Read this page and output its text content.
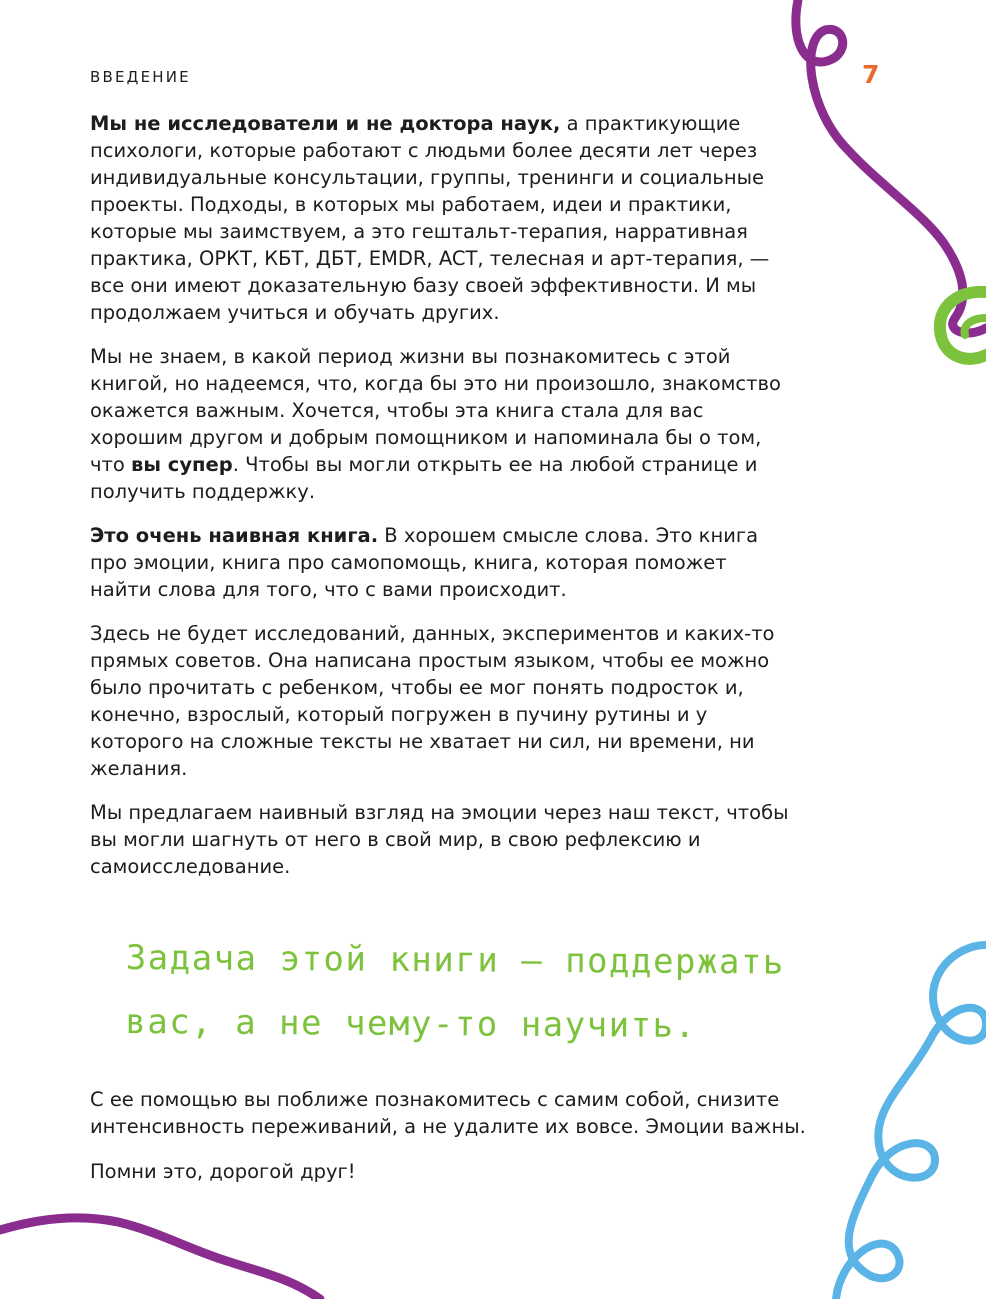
ВВЕДЕНИЕ	7

Мы не исследователи и не доктора наук, а практикующие психологи, которые работают с людьми более десяти лет через индивидуальные консультации, группы, тренинги и социальные проекты. Подходы, в которых мы работаем, идеи и практики, которые мы заимствуем, а это гештальт-терапия, нарративная практика, ОРКТ, КБТ, ДБТ, EMDR, ACT, телесная и арт-терапия, — все они имеют доказательную базу своей эффективности. И мы продолжаем учиться и обучать других.

Мы не знаем, в какой период жизни вы познакомитесь с этой книгой, но надеемся, что, когда бы это ни произошло, знакомство окажется важным. Хочется, чтобы эта книга стала для вас хорошим другом и добрым помощником и напоминала бы о том, что вы супер. Чтобы вы могли открыть ее на любой странице и получить поддержку.

Это очень наивная книга. В хорошем смысле слова. Это книга про эмоции, книга про самопомощь, книга, которая поможет найти слова для того, что с вами происходит.

Здесь не будет исследований, данных, экспериментов и каких-то прямых советов. Она написана простым языком, чтобы ее можно было прочитать с ребенком, чтобы ее мог понять подросток и, конечно, взрослый, который погружен в пучину рутины и у которого на сложные тексты не хватает ни сил, ни времени, ни желания.

Мы предлагаем наивный взгляд на эмоции через наш текст, чтобы вы могли шагнуть от него в свой мир, в свою рефлексию и самоисследование.

Задача этой книги — поддержать
вас, а не чему-то научить.

С ее помощью вы поближе познакомитесь с самим собой, снизите интенсивность переживаний, а не удалите их вовсе. Эмоции важны.

Помни это, дорогой друг!
